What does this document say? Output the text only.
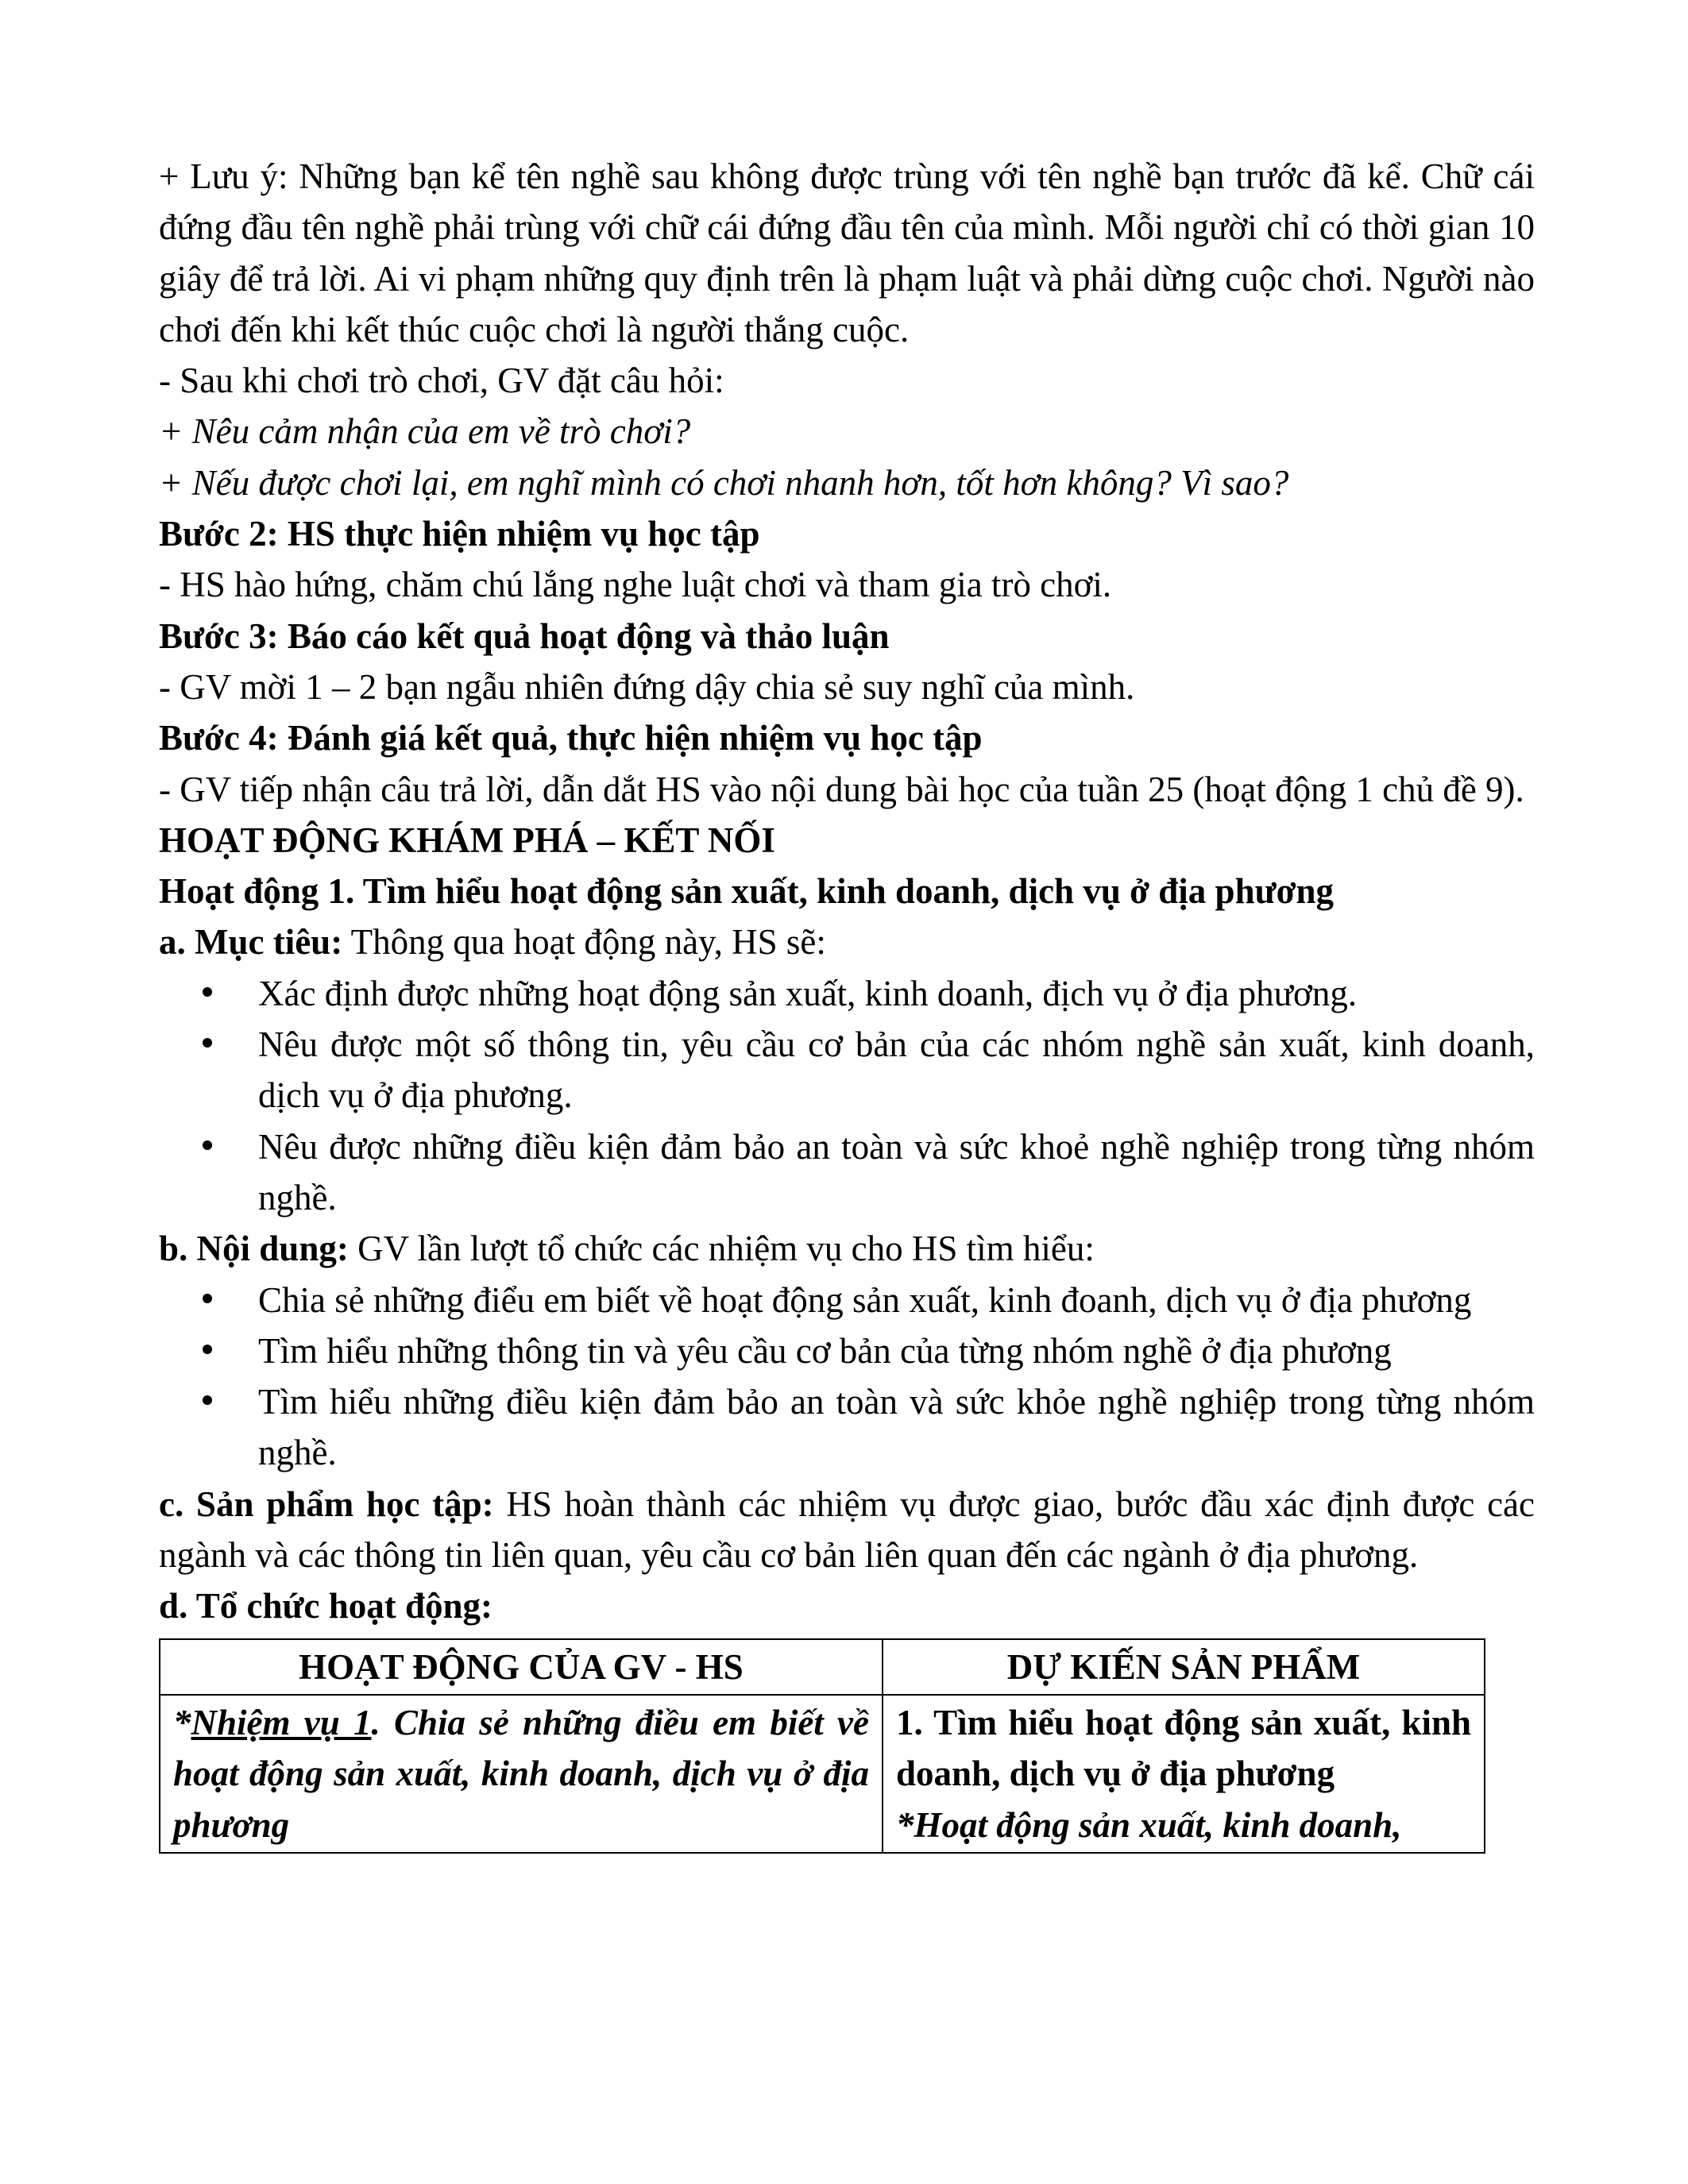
+ Lưu ý: Những bạn kể tên nghề sau không được trùng với tên nghề bạn trước đã kể. Chữ cái đứng đầu tên nghề phải trùng với chữ cái đứng đầu tên của mình. Mỗi người chỉ có thời gian 10 giây để trả lời. Ai vi phạm những quy định trên là phạm luật và phải dừng cuộc chơi. Người nào chơi đến khi kết thúc cuộc chơi là người thắng cuộc.

- Sau khi chơi trò chơi, GV đặt câu hỏi:

+ Nêu cảm nhận của em về trò chơi?

+ Nếu được chơi lại, em nghĩ mình có chơi nhanh hơn, tốt hơn không? Vì sao?

Bước 2: HS thực hiện nhiệm vụ học tập

- HS hào hứng, chăm chú lắng nghe luật chơi và tham gia trò chơi.

Bước 3: Báo cáo kết quả hoạt động và thảo luận

- GV mời 1 – 2 bạn ngẫu nhiên đứng dậy chia sẻ suy nghĩ của mình.

Bước 4: Đánh giá kết quả, thực hiện nhiệm vụ học tập

- GV tiếp nhận câu trả lời, dẫn dắt HS vào nội dung bài học của tuần 25 (hoạt động 1 chủ đề 9).

HOẠT ĐỘNG KHÁM PHÁ – KẾT NỐI

Hoạt động 1. Tìm hiểu hoạt động sản xuất, kinh doanh, dịch vụ ở địa phương

a. Mục tiêu: Thông qua hoạt động này, HS sẽ:

Xác định được những hoạt động sản xuất, kinh doanh, địch vụ ở địa phương.
Nêu được một số thông tin, yêu cầu cơ bản của các nhóm nghề sản xuất, kinh doanh, dịch vụ ở địa phương.
Nêu được những điều kiện đảm bảo an toàn và sức khoẻ nghề nghiệp trong từng nhóm nghề.

b. Nội dung: GV lần lượt tổ chức các nhiệm vụ cho HS tìm hiểu:

Chia sẻ những điểu em biết về hoạt động sản xuất, kinh đoanh, dịch vụ ở địa phương
Tìm hiểu những thông tin và yêu cầu cơ bản của từng nhóm nghề ở địa phương
Tìm hiểu những điều kiện đảm bảo an toàn và sức khỏe nghề nghiệp trong từng nhóm nghề.

c. Sản phẩm học tập: HS hoàn thành các nhiệm vụ được giao, bước đầu xác định được các ngành và các thông tin liên quan, yêu cầu cơ bản liên quan đến các ngành ở địa phương.

d. Tổ chức hoạt động:

HOẠT ĐỘNG CỦA GV - HS	DỰ KIẾN SẢN PHẨM
*Nhiệm vụ 1. Chia sẻ những điều em biết về hoạt động sản xuất, kinh doanh, dịch vụ ở địa phương	1. Tìm hiểu hoạt động sản xuất, kinh doanh, dịch vụ ở địa phương
*Hoạt động sản xuất, kinh doanh,
